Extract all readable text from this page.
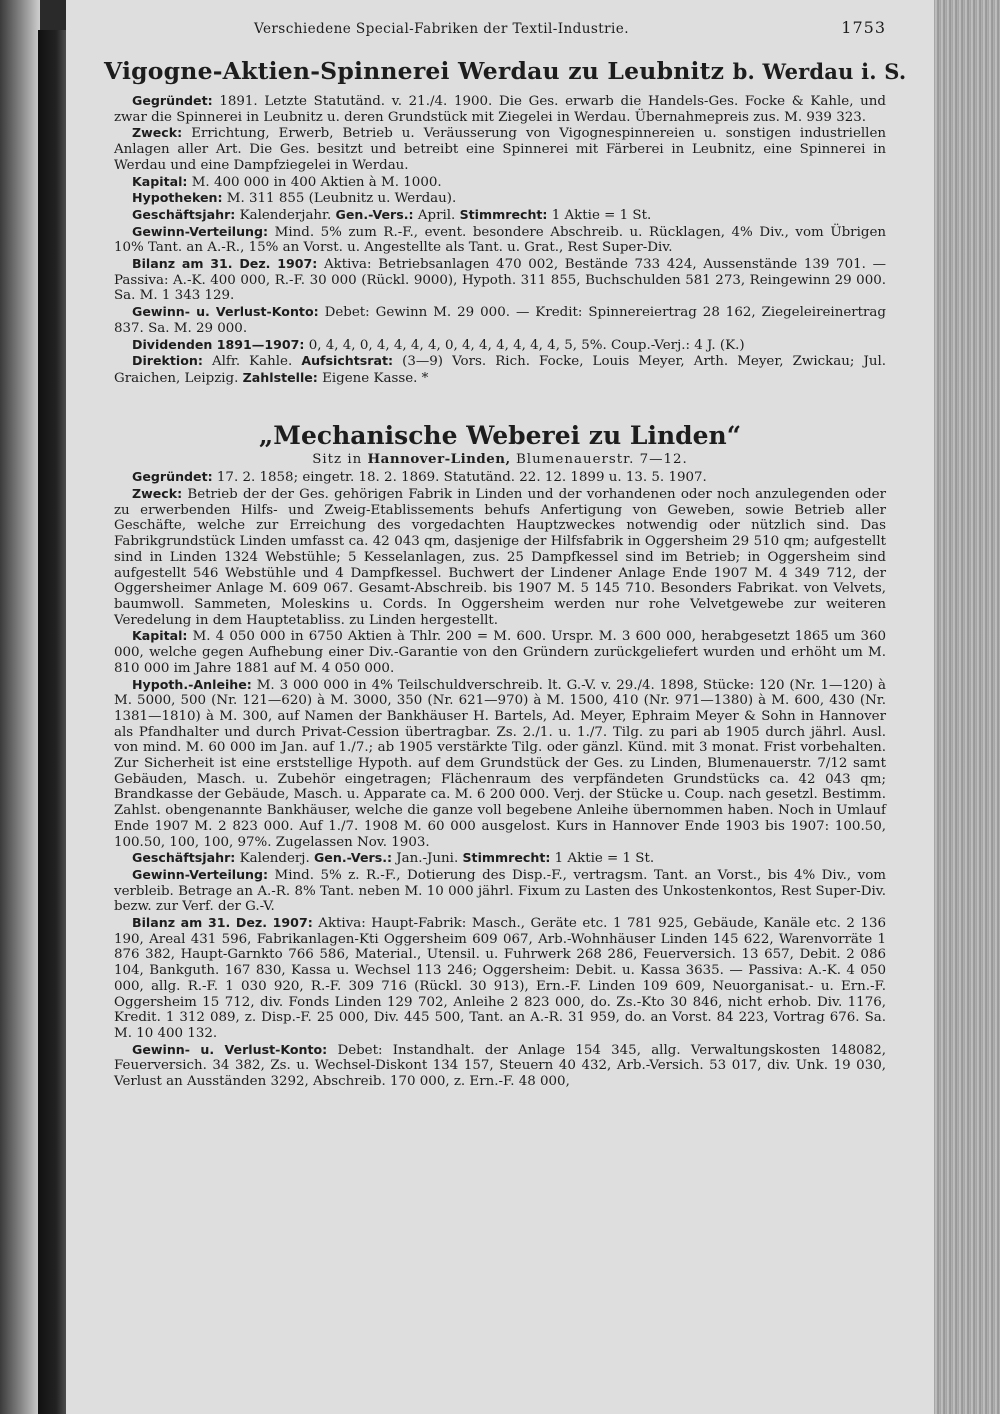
Verschiedene Special-Fabriken der Textil-Industrie.	1753
Vigogne-Aktien-Spinnerei Werdau zu Leubnitz b. Werdau i. S.

Gegründet: 1891. Letzte Statutänd. v. 21./4. 1900. Die Ges. erwarb die Handels-Ges. Focke & Kahle, und zwar die Spinnerei in Leubnitz u. deren Grundstück mit Ziegelei in Werdau. Übernahmepreis zus. M. 939 323.

Zweck: Errichtung, Erwerb, Betrieb u. Veräusserung von Vigognespinnereien u. sonstigen industriellen Anlagen aller Art. Die Ges. besitzt und betreibt eine Spinnerei mit Färberei in Leubnitz, eine Spinnerei in Werdau und eine Dampfziegelei in Werdau.

Kapital: M. 400 000 in 400 Aktien à M. 1000.

Hypotheken: M. 311 855 (Leubnitz u. Werdau).

Geschäftsjahr: Kalenderjahr. Gen.-Vers.: April. Stimmrecht: 1 Aktie = 1 St.

Gewinn-Verteilung: Mind. 5% zum R.-F., event. besondere Abschreib. u. Rücklagen, 4% Div., vom Übrigen 10% Tant. an A.-R., 15% an Vorst. u. Angestellte als Tant. u. Grat., Rest Super-Div.

Bilanz am 31. Dez. 1907: Aktiva: Betriebsanlagen 470 002, Bestände 733 424, Aussenstände 139 701. — Passiva: A.-K. 400 000, R.-F. 30 000 (Rückl. 9000), Hypoth. 311 855, Buchschulden 581 273, Reingewinn 29 000. Sa. M. 1 343 129.

Gewinn- u. Verlust-Konto: Debet: Gewinn M. 29 000. — Kredit: Spinnereiertrag 28 162, Ziegeleireinertrag 837. Sa. M. 29 000.

Dividenden 1891—1907: 0, 4, 4, 0, 4, 4, 4, 4, 0, 4, 4, 4, 4, 4, 4, 5, 5%. Coup.-Verj.: 4 J. (K.)

Direktion: Alfr. Kahle. Aufsichtsrat: (3—9) Vors. Rich. Focke, Louis Meyer, Arth. Meyer, Zwickau; Jul. Graichen, Leipzig. Zahlstelle: Eigene Kasse. *

„Mechanische Weberei zu Linden“
Sitz in Hannover-Linden, Blumenauerstr. 7—12.

Gegründet: 17. 2. 1858; eingetr. 18. 2. 1869. Statutänd. 22. 12. 1899 u. 13. 5. 1907.

Zweck: Betrieb der der Ges. gehörigen Fabrik in Linden und der vorhandenen oder noch anzulegenden oder zu erwerbenden Hilfs- und Zweig-Etablissements behufs Anfertigung von Geweben, sowie Betrieb aller Geschäfte, welche zur Erreichung des vorgedachten Hauptzweckes notwendig oder nützlich sind. Das Fabrikgrundstück Linden umfasst ca. 42 043 qm, dasjenige der Hilfsfabrik in Oggersheim 29 510 qm; aufgestellt sind in Linden 1324 Webstühle; 5 Kesselanlagen, zus. 25 Dampfkessel sind im Betrieb; in Oggersheim sind aufgestellt 546 Webstühle und 4 Dampfkessel. Buchwert der Lindener Anlage Ende 1907 M. 4 349 712, der Oggersheimer Anlage M. 609 067. Gesamt-Abschreib. bis 1907 M. 5 145 710. Besonders Fabrikat. von Velvets, baumwoll. Sammeten, Moleskins u. Cords. In Oggersheim werden nur rohe Velvetgewebe zur weiteren Veredelung in dem Hauptetabliss. zu Linden hergestellt.

Kapital: M. 4 050 000 in 6750 Aktien à Thlr. 200 = M. 600. Urspr. M. 3 600 000, herabgesetzt 1865 um 360 000, welche gegen Aufhebung einer Div.-Garantie von den Gründern zurückgeliefert wurden und erhöht um M. 810 000 im Jahre 1881 auf M. 4 050 000.

Hypoth.-Anleihe: M. 3 000 000 in 4% Teilschuldverschreib. lt. G.-V. v. 29./4. 1898, Stücke: 120 (Nr. 1—120) à M. 5000, 500 (Nr. 121—620) à M. 3000, 350 (Nr. 621—970) à M. 1500, 410 (Nr. 971—1380) à M. 600, 430 (Nr. 1381—1810) à M. 300, auf Namen der Bankhäuser H. Bartels, Ad. Meyer, Ephraim Meyer & Sohn in Hannover als Pfandhalter und durch Privat-Cession übertragbar. Zs. 2./1. u. 1./7. Tilg. zu pari ab 1905 durch jährl. Ausl. von mind. M. 60 000 im Jan. auf 1./7.; ab 1905 verstärkte Tilg. oder gänzl. Künd. mit 3 monat. Frist vorbehalten. Zur Sicherheit ist eine erststellige Hypoth. auf dem Grundstück der Ges. zu Linden, Blumenauerstr. 7/12 samt Gebäuden, Masch. u. Zubehör eingetragen; Flächenraum des verpfändeten Grundstücks ca. 42 043 qm; Brandkasse der Gebäude, Masch. u. Apparate ca. M. 6 200 000. Verj. der Stücke u. Coup. nach gesetzl. Bestimm. Zahlst. obengenannte Bankhäuser, welche die ganze voll begebene Anleihe übernommen haben. Noch in Umlauf Ende 1907 M. 2 823 000. Auf 1./7. 1908 M. 60 000 ausgelost. Kurs in Hannover Ende 1903 bis 1907: 100.50, 100.50, 100, 100, 97%. Zugelassen Nov. 1903.

Geschäftsjahr: Kalenderj. Gen.-Vers.: Jan.-Juni. Stimmrecht: 1 Aktie = 1 St.

Gewinn-Verteilung: Mind. 5% z. R.-F., Dotierung des Disp.-F., vertragsm. Tant. an Vorst., bis 4% Div., vom verbleib. Betrage an A.-R. 8% Tant. neben M. 10 000 jährl. Fixum zu Lasten des Unkostenkontos, Rest Super-Div. bezw. zur Verf. der G.-V.

Bilanz am 31. Dez. 1907: Aktiva: Haupt-Fabrik: Masch., Geräte etc. 1 781 925, Gebäude, Kanäle etc. 2 136 190, Areal 431 596, Fabrikanlagen-Kti Oggersheim 609 067, Arb.-Wohnhäuser Linden 145 622, Warenvorräte 1 876 382, Haupt-Garnkto 766 586, Material., Utensil. u. Fuhrwerk 268 286, Feuerversich. 13 657, Debit. 2 086 104, Bankguth. 167 830, Kassa u. Wechsel 113 246; Oggersheim: Debit. u. Kassa 3635. — Passiva: A.-K. 4 050 000, allg. R.-F. 1 030 920, R.-F. 309 716 (Rückl. 30 913), Ern.-F. Linden 109 609, Neuorganisat.- u. Ern.-F. Oggersheim 15 712, div. Fonds Linden 129 702, Anleihe 2 823 000, do. Zs.-Kto 30 846, nicht erhob. Div. 1176, Kredit. 1 312 089, z. Disp.-F. 25 000, Div. 445 500, Tant. an A.-R. 31 959, do. an Vorst. 84 223, Vortrag 676. Sa. M. 10 400 132.

Gewinn- u. Verlust-Konto: Debet: Instandhalt. der Anlage 154 345, allg. Verwaltungskosten 148082, Feuerversich. 34 382, Zs. u. Wechsel-Diskont 134 157, Steuern 40 432, Arb.-Versich. 53 017, div. Unk. 19 030, Verlust an Ausständen 3292, Abschreib. 170 000, z. Ern.-F. 48 000,
